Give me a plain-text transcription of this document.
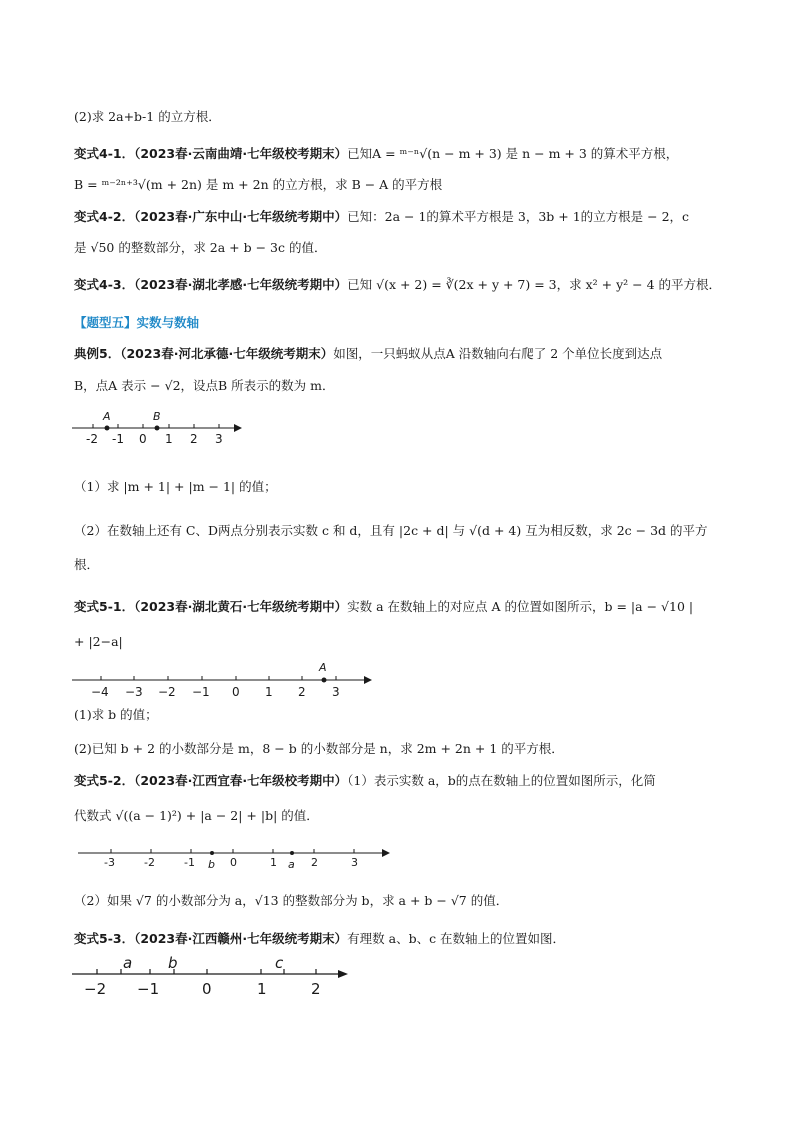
(2)求 2a+b-1 的立方根．
变式4-1．（2023春·云南曲靖·七年级校考期末）已知A = ᵐ⁻ⁿ√(n − m + 3) 是 n − m + 3 的算术平方根，
B = ᵐ⁻²ⁿ⁺³√(m + 2n) 是 m + 2n 的立方根，求 B − A 的平方根
变式4-2．（2023春·广东中山·七年级统考期中）已知：2a − 1的算术平方根是 3，3b + 1的立方根是 − 2，c
是 √50 的整数部分，求 2a + b − 3c 的值．
变式4-3．（2023春·湖北孝感·七年级统考期中）已知 √(x + 2) = ∛(2x + y + 7) = 3，求 x² + y² − 4 的平方根．
【题型五】实数与数轴
典例5．（2023春·河北承德·七年级统考期末）如图，一只蚂蚁从点A 沿数轴向右爬了 2 个单位长度到达点
B，点A 表示 − √2，设点B 所表示的数为 m．
-2 -1 0 1 2 3
A	B
（1）求 |m + 1| + |m − 1| 的值；
（2）在数轴上还有 C、D两点分别表示实数 c 和 d，且有 |2c + d| 与 √(d + 4) 互为相反数，求 2c − 3d 的平方
根．
变式5-1．（2023春·湖北黄石·七年级统考期中）实数 a 在数轴上的对应点 A 的位置如图所示，b = |a − √10 |
+ |2−a|
−4 −3 −2 −1 0 1 2 3
A
(1)求 b 的值；
(2)已知 b + 2 的小数部分是 m，8 − b 的小数部分是 n，求 2m + 2n + 1 的平方根．
变式5-2．（2023春·江西宜春·七年级校考期中）（1）表示实数 a，b的点在数轴上的位置如图所示，化简
代数式 √((a − 1)²) + |a − 2| + |b| 的值．
-3	-2	-1	0	1	2	3
b	a
（2）如果 √7 的小数部分为 a，√13 的整数部分为 b，求 a + b − √7 的值．
变式5-3．（2023春·江西赣州·七年级统考期末）有理数 a、b、c 在数轴上的位置如图．
−2 −1	0	1	2
a b	c
